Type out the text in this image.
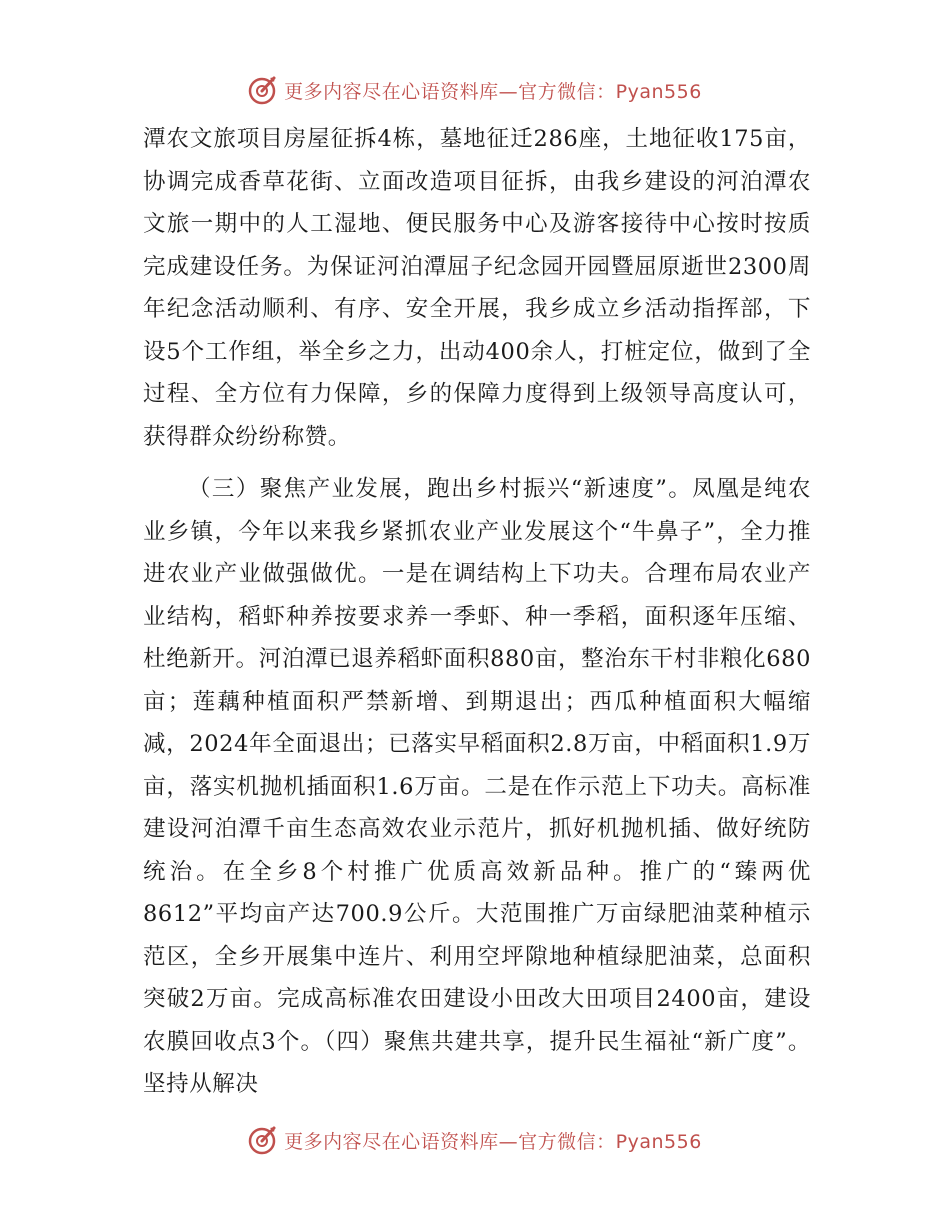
更多内容尽在心语资料库—官方微信：Pyan556

潭农文旅项目房屋征拆4栋，墓地征迁286座，土地征收175亩，协调完成香草花街、立面改造项目征拆，由我乡建设的河泊潭农文旅一期中的人工湿地、便民服务中心及游客接待中心按时按质完成建设任务。为保证河泊潭屈子纪念园开园暨屈原逝世2300周年纪念活动顺利、有序、安全开展，我乡成立乡活动指挥部，下设5个工作组，举全乡之力，出动400余人，打桩定位，做到了全过程、全方位有力保障，乡的保障力度得到上级领导高度认可，获得群众纷纷称赞。

（三）聚焦产业发展，跑出乡村振兴“新速度”。凤凰是纯农业乡镇，今年以来我乡紧抓农业产业发展这个“牛鼻子”，全力推进农业产业做强做优。一是在调结构上下功夫。合理布局农业产业结构，稻虾种养按要求养一季虾、种一季稻，面积逐年压缩、杜绝新开。河泊潭已退养稻虾面积880亩，整治东干村非粮化680亩；莲藕种植面积严禁新增、到期退出；西瓜种植面积大幅缩减，2024年全面退出；已落实早稻面积2.8万亩，中稻面积1.9万亩，落实机抛机插面积1.6万亩。二是在作示范上下功夫。高标准建设河泊潭千亩生态高效农业示范片，抓好机抛机插、做好统防统治。在全乡8个村推广优质高效新品种。推广的“臻两优8612”平均亩产达700.9公斤。大范围推广万亩绿肥油菜种植示范区，全乡开展集中连片、利用空坪隙地种植绿肥油菜，总面积突破2万亩。完成高标准农田建设小田改大田项目2400亩，建设农膜回收点3个。（四）聚焦共建共享，提升民生福祉“新广度”。坚持从解决

更多内容尽在心语资料库—官方微信：Pyan556
